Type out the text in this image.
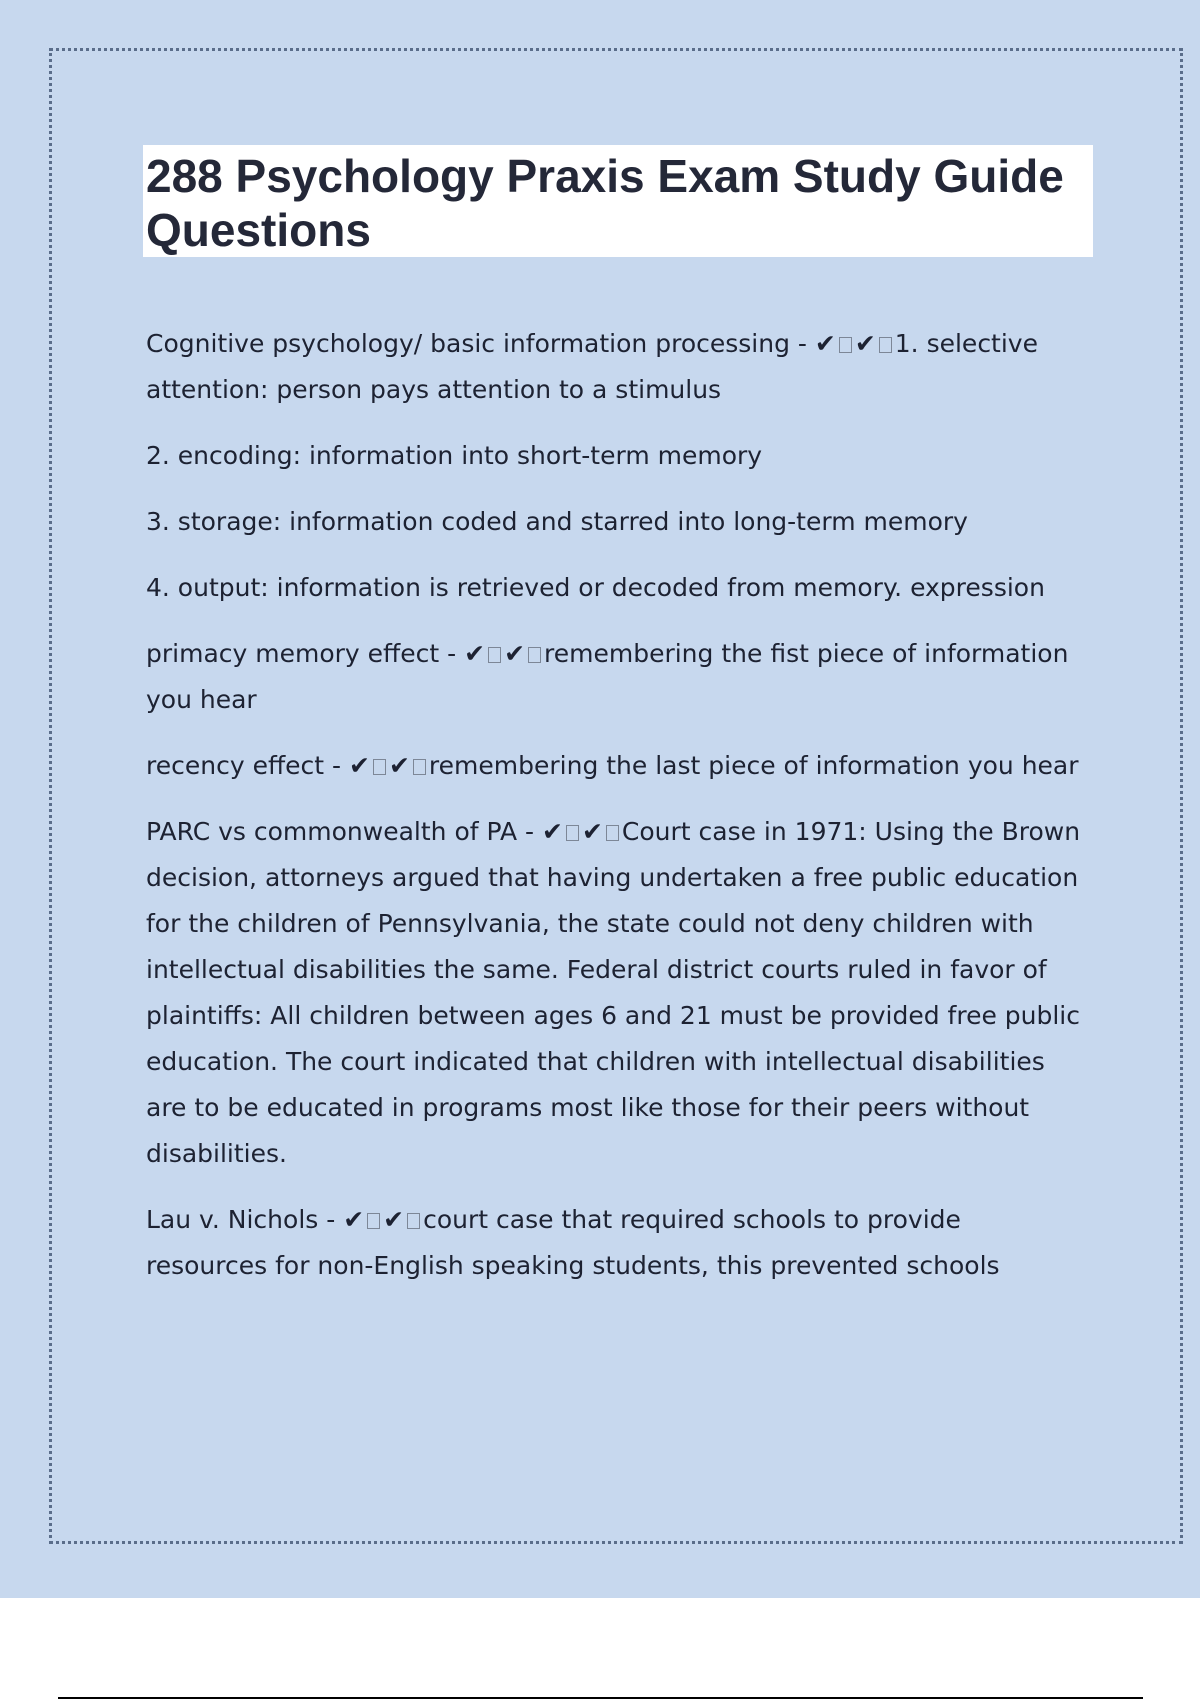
288 Psychology Praxis Exam Study Guide Questions

Cognitive psychology/ basic information processing - ✔ ✔ 1. selective attention: person pays attention to a stimulus

2. encoding: information into short-term memory

3. storage: information coded and starred into long-term memory

4. output: information is retrieved or decoded from memory. expression

primacy memory effect - ✔ ✔ remembering the fist piece of information you hear

recency effect - ✔ ✔ remembering the last piece of information you hear

PARC vs commonwealth of PA - ✔ ✔ Court case in 1971: Using the Brown decision, attorneys argued that having undertaken a free public education for the children of Pennsylvania, the state could not deny children with intellectual disabilities the same. Federal district courts ruled in favor of plaintiffs: All children between ages 6 and 21 must be provided free public education. The court indicated that children with intellectual disabilities are to be educated in programs most like those for their peers without disabilities.

Lau v. Nichols - ✔ ✔ court case that required schools to provide resources for non-English speaking students, this prevented schools
